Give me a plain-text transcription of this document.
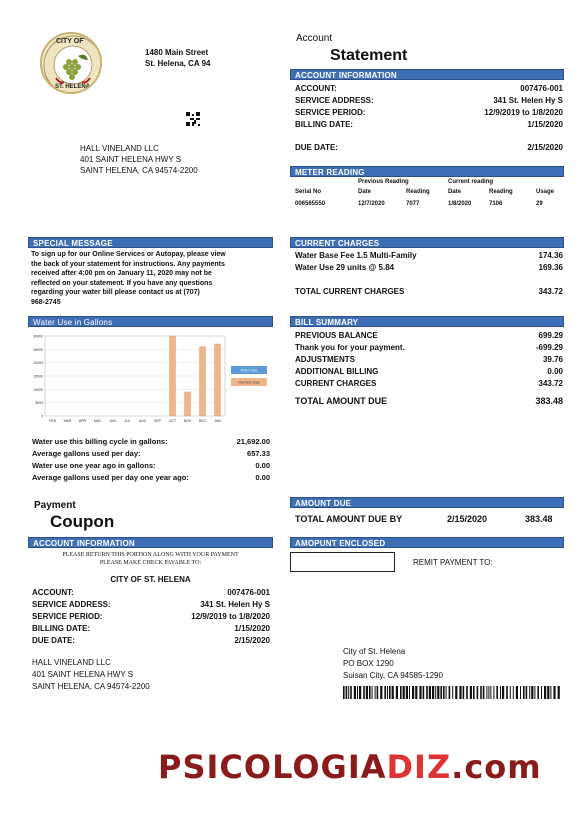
CITY OF
ST. HELENA
1480 Main Street
St. Helena, CA 94
HALL VINELAND LLC
401 SAINT HELENA HWY S
SAINT HELENA, CA 94574-2200
Account
Statement
ACCOUNT INFORMATION
ACCOUNT:	007476-001
SERVICE ADDRESS:	341 St. Helen Hy S
SERVICE PERIOD:	12/9/2019 to 1/8/2020
BILLING DATE:	1/15/2020
DUE DATE:	2/15/2020
METER READING
Previous Reading	Current reading
Serial No	Date	Reading	Date	Reading	Usage
006565550	12/7/2020	7077	1/8/2020	7106	29
SPECIAL MESSAGE
To sign up for our Online Services or Autopay, please view
the back of your statement for instructions. Any payments
received after 4:00 pm on January 11, 2020 may not be
reflected on your statement. If you have any questions
regarding your water bill please contact us at (707)
968-2745
CURRENT CHARGES
Water Base Fee 1.5 Multi-Family	174.36
Water Use 29 units @ 5.84	169.36
TOTAL CURRENT CHARGES	343.72
Water Use in Gallons
0
5000
10000
15000
20000
25000
30000
FEB MAR APR MAY JUN JUL AUG SEP OCT NOV DEC JAN
Prior Use
Current Use
Water use this billing cycle in gallons:	21,692.00
Average gallons used per day:	657.33
Water use one year ago in gallons:	0.00
Average gallons used per day one year ago:	0.00
BILL SUMMARY
PREVIOUS BALANCE	699.29
Thank you for your payment.	-699.29
ADJUSTMENTS	39.76
ADDITIONAL BILLING	0.00
CURRENT CHARGES	343.72
TOTAL AMOUNT DUE	383.48
Payment
Coupon
ACCOUNT INFORMATION
PLEASE RETURN THIS PORTION ALONG WITH YOUR PAYMENT
PLEASE MAKE CHECK PAYABLE TO:
CITY OF ST. HELENA
ACCOUNT:	007476-001
SERVICE ADDRESS:	341 St. Helen Hy S
SERVICE PERIOD:	12/9/2019 to 1/8/2020
BILLING DATE:	1/15/2020
DUE DATE:	2/15/2020
HALL VINELAND LLC
401 SAINT HELENA HWY S
SAINT HELENA, CA 94574-2200
AMOUNT DUE
TOTAL AMOUNT DUE BY	2/15/2020	383.48
AMOPUNT ENCLOSED
REMIT PAYMENT TO:
City of St. Helena
PO BOX 1290
Suisan City, CA 94585-1290
PSICOLOGIADIZ.com
